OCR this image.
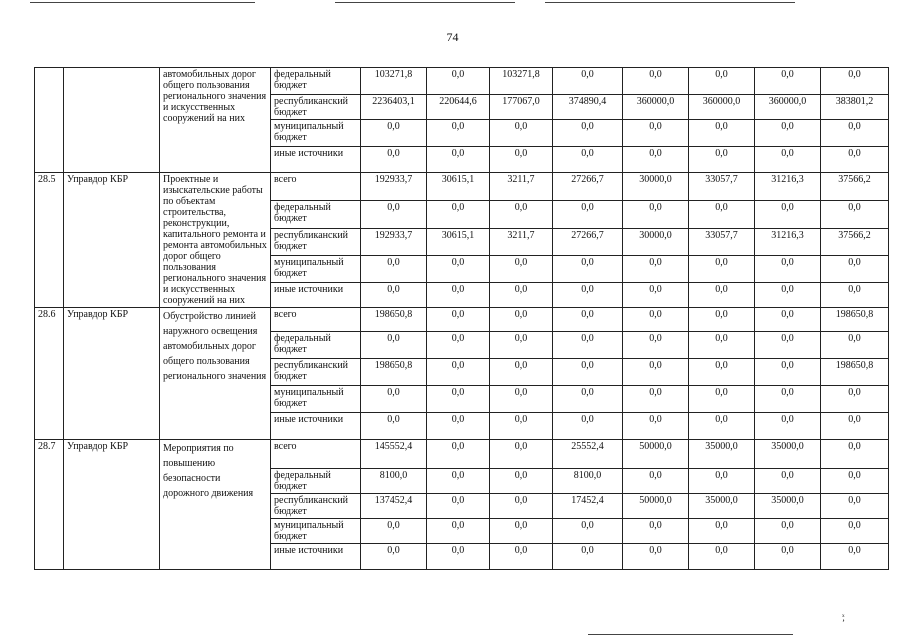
74
		автомобильных дорог общего пользования регионального значения и искусственных сооружений на них	федеральный бюджет	103271,8	0,0	103271,8	0,0	0,0	0,0	0,0	0,0
			республиканский бюджет	2236403,1	220644,6	177067,0	374890,4	360000,0	360000,0	360000,0	383801,2
			муниципальный бюджет	0,0	0,0	0,0	0,0	0,0	0,0	0,0	0,0
			иные источники	0,0	0,0	0,0	0,0	0,0	0,0	0,0	0,0
28.5	Управдор КБР	Проектные и изыскательские работы по объектам строительства, реконструкции, капитального ремонта и ремонта автомобильных дорог общего пользования регионального значения и искусственных сооружений на них	всего	192933,7	30615,1	3211,7	27266,7	30000,0	33057,7	31216,3	37566,2
			федеральный бюджет	0,0	0,0	0,0	0,0	0,0	0,0	0,0	0,0
			республиканский бюджет	192933,7	30615,1	3211,7	27266,7	30000,0	33057,7	31216,3	37566,2
			муниципальный бюджет	0,0	0,0	0,0	0,0	0,0	0,0	0,0	0,0
			иные источники	0,0	0,0	0,0	0,0	0,0	0,0	0,0	0,0
28.6	Управдор КБР	Обустройство линией наружного освещения автомобильных дорог общего пользования регионального значения	всего	198650,8	0,0	0,0	0,0	0,0	0,0	0,0	198650,8
			федеральный бюджет	0,0	0,0	0,0	0,0	0,0	0,0	0,0	0,0
			республиканский бюджет	198650,8	0,0	0,0	0,0	0,0	0,0	0,0	198650,8
			муниципальный бюджет	0,0	0,0	0,0	0,0	0,0	0,0	0,0	0,0
			иные источники	0,0	0,0	0,0	0,0	0,0	0,0	0,0	0,0
28.7	Управдор КБР	Мероприятия по повышению безопасности дорожного движения	всего	145552,4	0,0	0,0	25552,4	50000,0	35000,0	35000,0	0,0
			федеральный бюджет	8100,0	0,0	0,0	8100,0	0,0	0,0	0,0	0,0
			республиканский бюджет	137452,4	0,0	0,0	17452,4	50000,0	35000,0	35000,0	0,0
			муниципальный бюджет	0,0	0,0	0,0	0,0	0,0	0,0	0,0	0,0
			иные источники	0,0	0,0	0,0	0,0	0,0	0,0	0,0	0,0
ₓ ʼ
